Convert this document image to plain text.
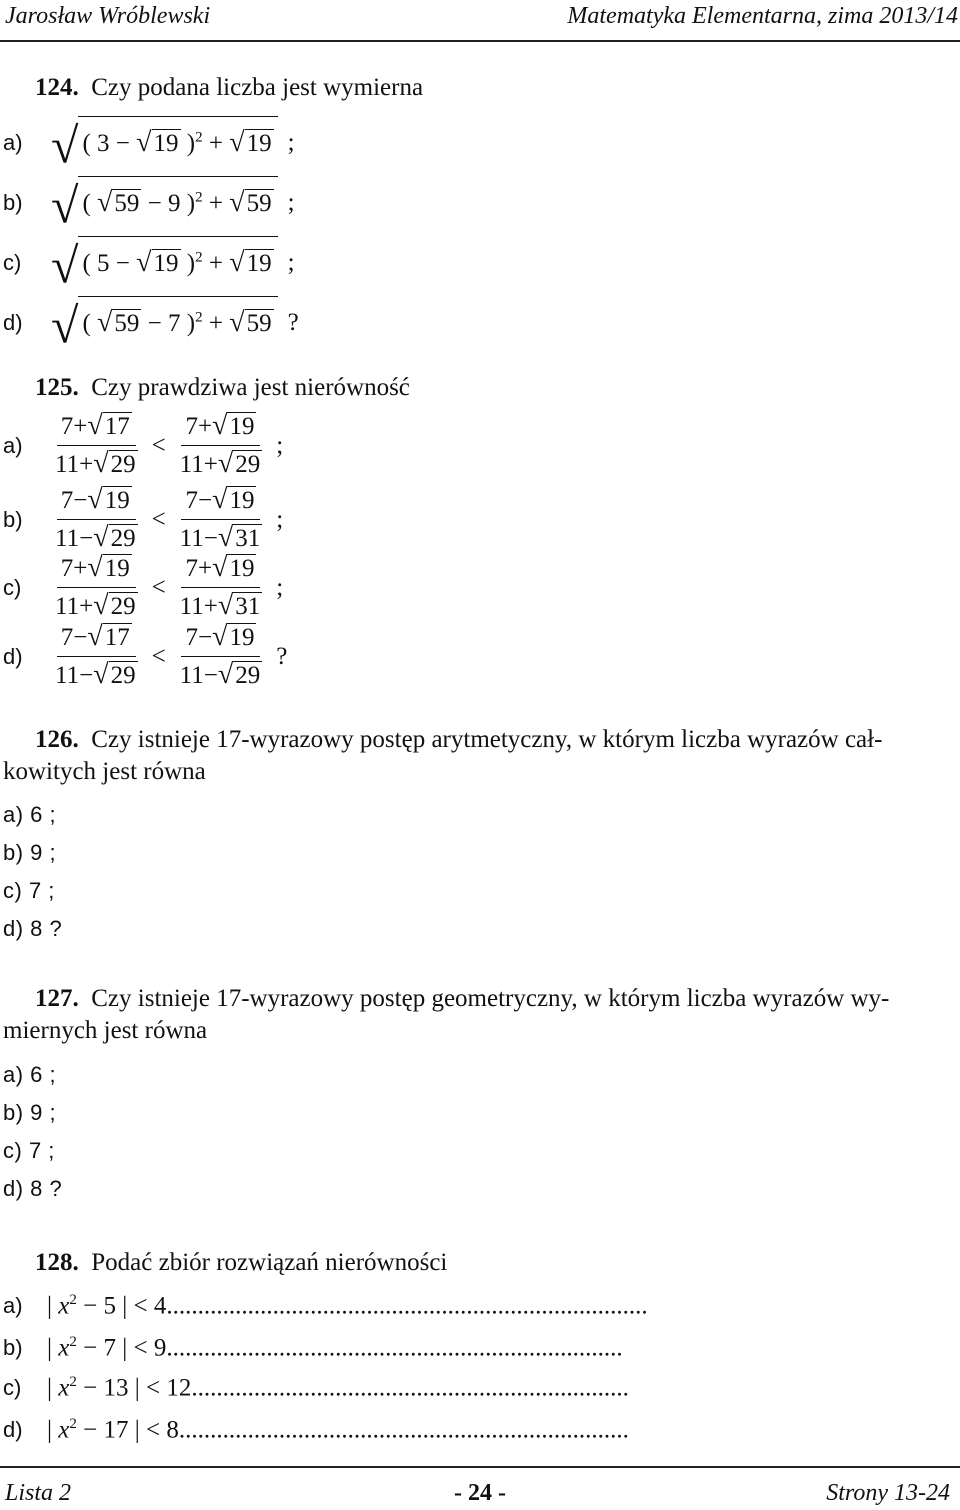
Jarosław Wróblewski	Matematyka Elementarna, zima 2013/14
124. Czy podana liczba jest wymierna
a) √ ( 3 − √19 )$^2$ + √19 ;
b) √ ( √59 − 9 )$^2$ + √59 ;
c) √ ( 5 − √19 )$^2$ + √19 ;
d) √ ( √59 − 7 )$^2$ + √59 ?
125. Czy prawdziwa jest nierówność
a)	$\frac{7+√17}{11+√29} < \frac{7+√19}{11+√29}$ ;
b)	$\frac{7-√19}{11-√29} < \frac{7-√19}{11-√31}$ ;
c)	$\frac{7+√19}{11+√29} < \frac{7+√19}{11+√31}$ ;
d)	$\frac{7-√17}{11-√29} < \frac{7-√19}{11-√29}$ ?
126. Czy istnieje 17-wyrazowy postęp arytmetyczny, w którym liczba wyrazów cał-
kowitych jest równa
a) 6 ;
b) 9 ;
c) 7 ;
d) 8 ?
127. Czy istnieje 17-wyrazowy postęp geometryczny, w którym liczba wyrazów wy-
miernych jest równa
a) 6 ;
b) 9 ;
c) 7 ;
d) 8 ?
128. Podać zbiór rozwiązań nierówności
a) | $x^2 - 5$ | < 4.............................................................................
b) | $x^2 - 7$ | < 9.........................................................................
c)	| $x^2 - 13$ | < 12......................................................................
d) | $x^2 - 17$ | < 8........................................................................
Lista 2	- 24 -	Strony 13-24
